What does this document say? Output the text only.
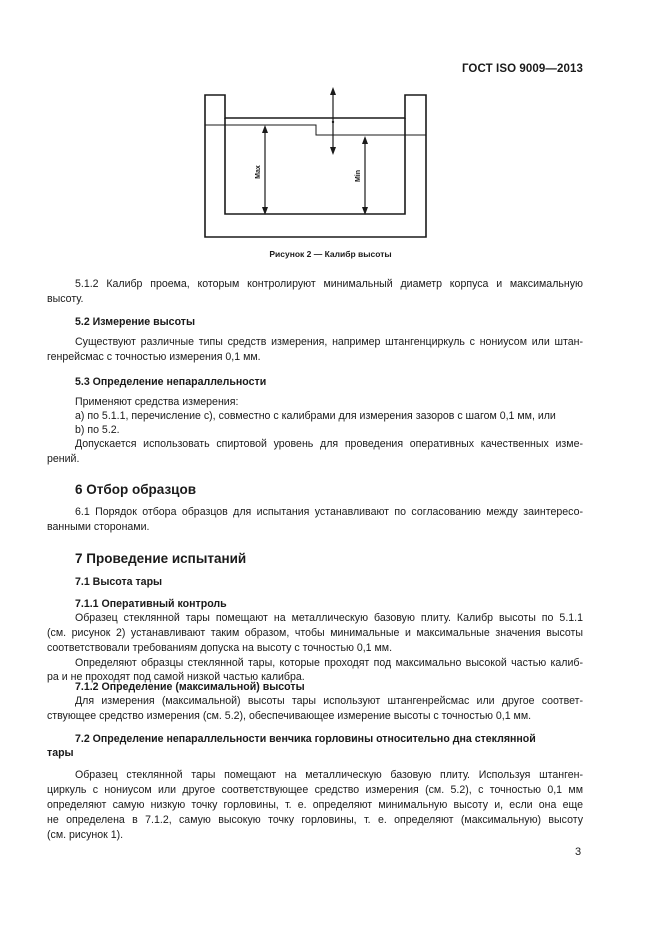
ГОСТ ISO 9009—2013
Max	Min
Рисунок 2 — Калибр высоты
5.1.2 Калибр проема, которым контролируют минимальный диаметр корпуса и максимальную
высоту.
5.2 Измерение высоты
Существуют различные типы средств измерения, например штангенциркуль с нониусом или штан-
генрейсмас с точностью измерения 0,1 мм.
5.3 Определение непараллельности
Применяют средства измерения:
a) по 5.1.1, перечисление c), совместно с калибрами для измерения зазоров с шагом 0,1 мм, или
b) по 5.2.
Допускается использовать спиртовой уровень для проведения оперативных качественных изме-
рений.
6 Отбор образцов
6.1 Порядок отбора образцов для испытания устанавливают по согласованию между заинтересо-
ванными сторонами.
7 Проведение испытаний
7.1 Высота тары
7.1.1 Оперативный контроль
Образец стеклянной тары помещают на металлическую базовую плиту. Калибр высоты по 5.1.1
(см. рисунок 2) устанавливают таким образом, чтобы минимальные и максимальные значения высоты
соответствовали требованиям допуска на высоту с точностью 0,1 мм.
Определяют образцы стеклянной тары, которые проходят под максимально высокой частью калиб-
ра и не проходят под самой низкой частью калибра.
7.1.2 Определение (максимальной) высоты
Для измерения (максимальной) высоты тары используют штангенрейсмас или другое соответ-
ствующее средство измерения (см. 5.2), обеспечивающее измерение высоты с точностью 0,1 мм.
7.2 Определение непараллельности венчика горловины относительно дна стеклянной
тары
Образец стеклянной тары помещают на металлическую базовую плиту. Используя штанген-
циркуль с нониусом или другое соответствующее средство измерения (см. 5.2), с точностью 0,1 мм
определяют самую низкую точку горловины, т. е. определяют минимальную высоту и, если она еще
не определена в 7.1.2, самую высокую точку горловины, т. е. определяют (максимальную) высоту
(см. рисунок 1).
3
